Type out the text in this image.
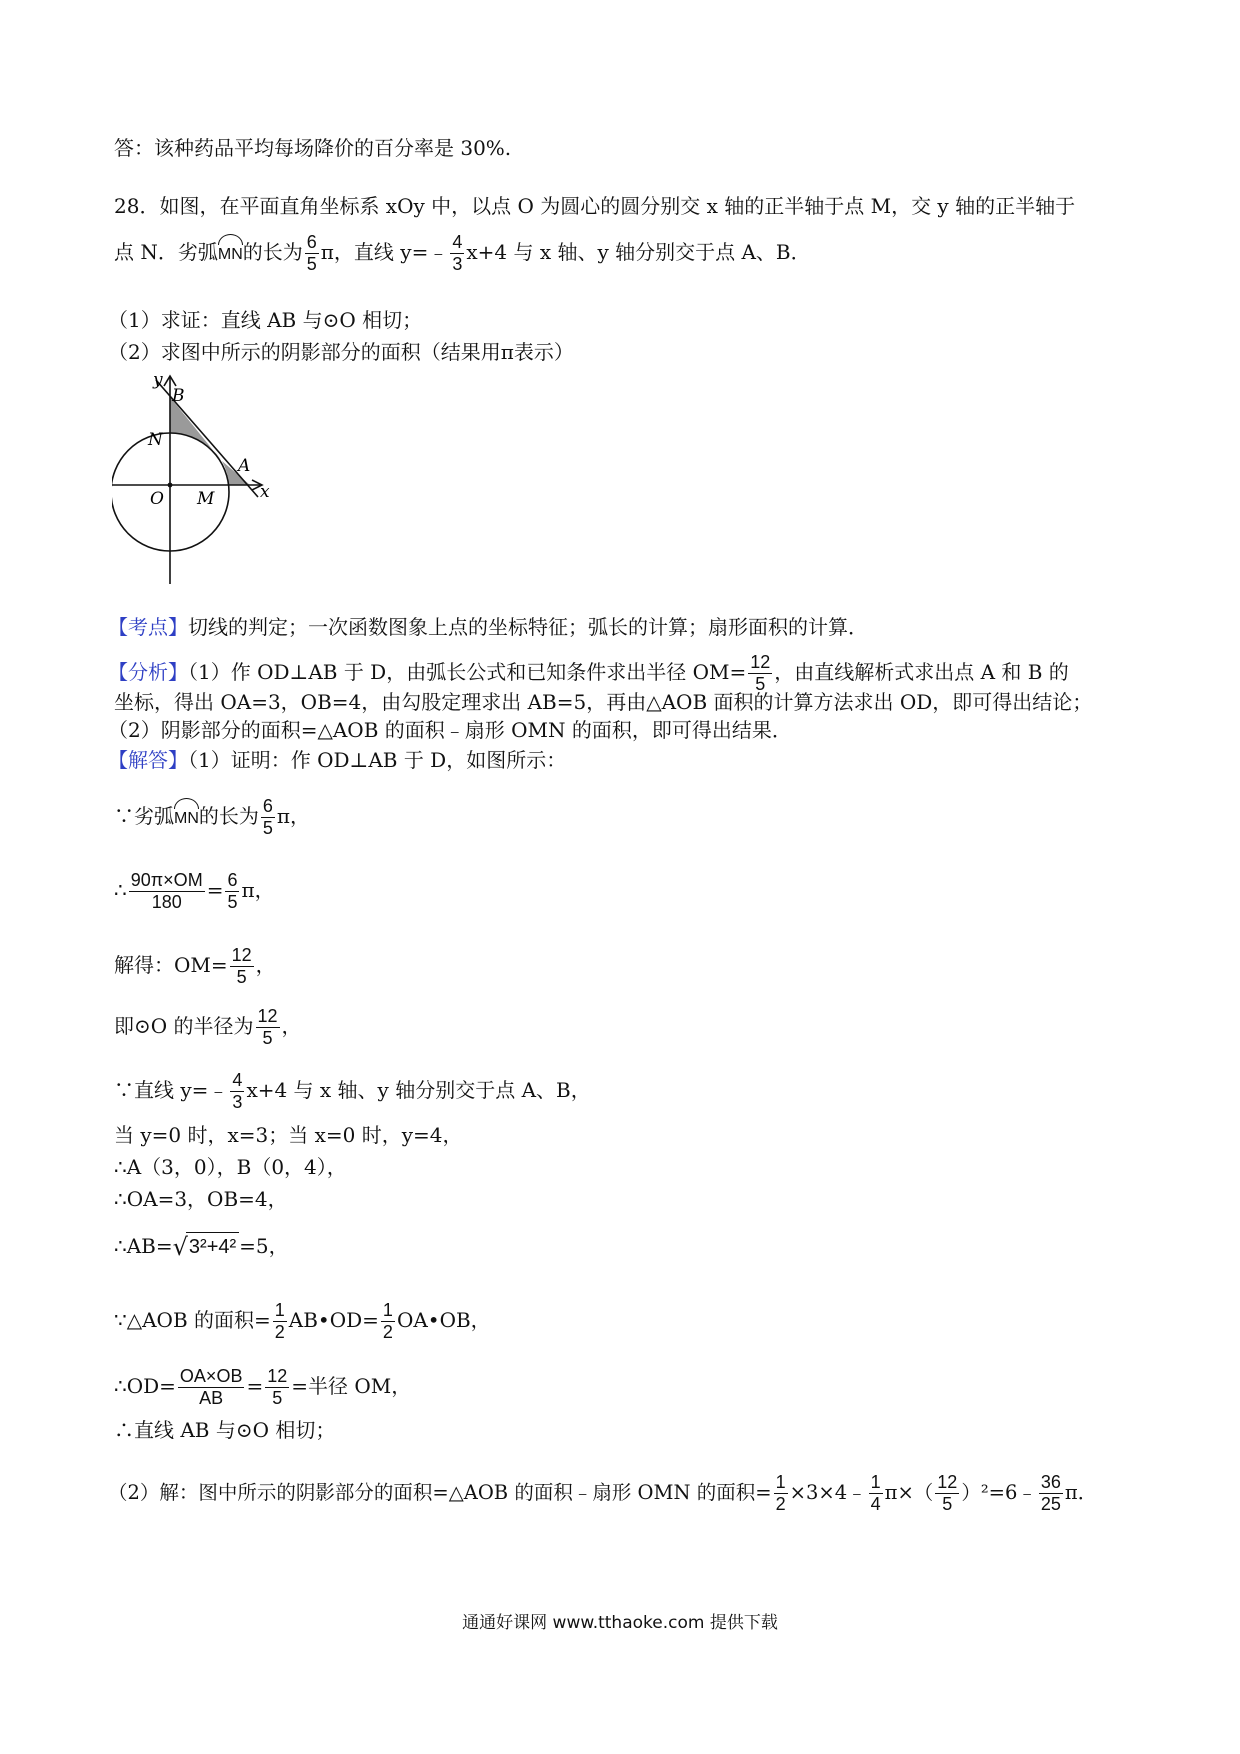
答：该种药品平均每场降价的百分率是 30%.
28．如图，在平面直角坐标系 xOy 中，以点 O 为圆心的圆分别交 x 轴的正半轴于点 M，交 y 轴的正半轴于
点 N．劣弧MN的长为 $\frac{6}{5}$ π，直线 y=﹣ $\frac{4}{3} x+4$ 与 x 轴、y 轴分别交于点 A、B．
（1）求证：直线 AB 与⊙O 相切；
（2）求图中所示的阴影部分的面积（结果用π表示）
y
B
A
x
N
O M
【考点】切线的判定；一次函数图象上点的坐标特征；弧长的计算；扇形面积的计算．
【分析】（1）作 OD⊥AB 于 D，由弧长公式和已知条件求出半径 $OM= \frac{12}{5}$ ，由直线解析式求出点 A 和 B 的
坐标，得出 OA=3，OB=4，由勾股定理求出 AB=5，再由△AOB 面积的计算方法求出 OD，即可得出结论；
（2）阴影部分的面积=△AOB 的面积﹣扇形 OMN 的面积，即可得出结果．
【解答】（1）证明：作 OD⊥AB 于 D，如图所示：
∵劣弧MN的长为 $\frac{6}{5}$ π，
∴ $\frac{90\pi\times OM}{180} = \frac{6}{5}$ π，
解得：$OM= \frac{12}{5}$ ，
即⊙O 的半径为 $\frac{12}{5}$ ，
∵直线 y=﹣ $\frac{4}{3} x+4$ 与 x 轴、y 轴分别交于点 A、B，
当 y=0 时，x=3；当 x=0 时，y=4，
∴A（3，0），B（0，4），
∴OA=3，OB=4，
∴AB=√3²+4² =5，
∵△AOB 的面积= $\frac{1}{2}$ AB•OD= $\frac{1}{2}$ OA•OB，
∴OD= $\frac{OA\times OB}{AB} = \frac{12}{5}$ =半径 OM，
∴直线 AB 与⊙O 相切；
（2）解：图中所示的阴影部分的面积=△AOB 的面积﹣扇形 OMN 的面积= $\frac{1}{2}$ ×3×4﹣ $\frac{1}{4} \pi\times( \frac{12}{5}$ ）²=6﹣ $\frac{36}{25}$ π．
通通好课网 www.tthaoke.com 提供下载
